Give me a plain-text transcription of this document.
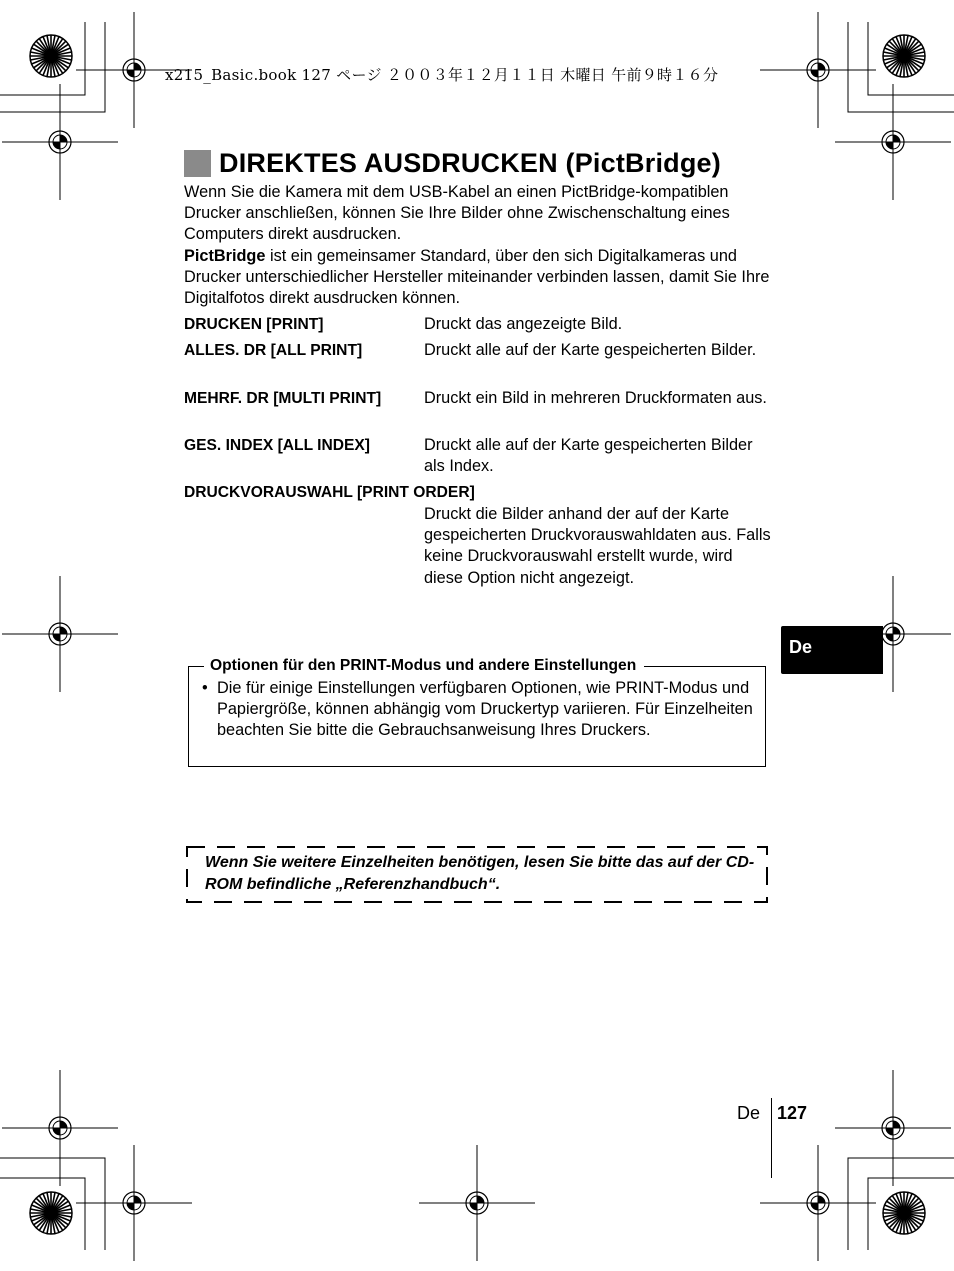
x215_Basic.book 127 ページ ２００３年１２月１１日 木曜日 午前９時１６分
DIREKTES AUSDRUCKEN (PictBridge)
Wenn Sie die Kamera mit dem USB-Kabel an einen PictBridge-kompatiblen Drucker anschließen, können Sie Ihre Bilder ohne Zwischenschaltung eines Computers direkt ausdrucken.
PictBridge ist ein gemeinsamer Standard, über den sich Digitalkameras und Drucker unterschiedlicher Hersteller miteinander verbinden lassen, damit Sie Ihre Digitalfotos direkt ausdrucken können.
DRUCKEN [PRINT]	Druckt das angezeigte Bild.
ALLES. DR [ALL PRINT]	Druckt alle auf der Karte gespeicherten Bilder.
MEHRF. DR [MULTI PRINT]	Druckt ein Bild in mehreren Druckformaten aus.
GES. INDEX [ALL INDEX]	Druckt alle auf der Karte gespeicherten Bilder als Index.
DRUCKVORAUSWAHL [PRINT ORDER]
Druckt die Bilder anhand der auf der Karte gespeicherten Druckvorauswahldaten aus. Falls keine Druckvorauswahl erstellt wurde, wird diese Option nicht angezeigt.
De
Optionen für den PRINT-Modus und andere Einstellungen
• Die für einige Einstellungen verfügbaren Optionen, wie PRINT-Modus und Papiergröße, können abhängig vom Druckertyp variieren. Für Einzelheiten beachten Sie bitte die Gebrauchsanweisung Ihres Druckers.
Wenn Sie weitere Einzelheiten benötigen, lesen Sie bitte das auf der CD-ROM befindliche „Referenzhandbuch“.
De 127
